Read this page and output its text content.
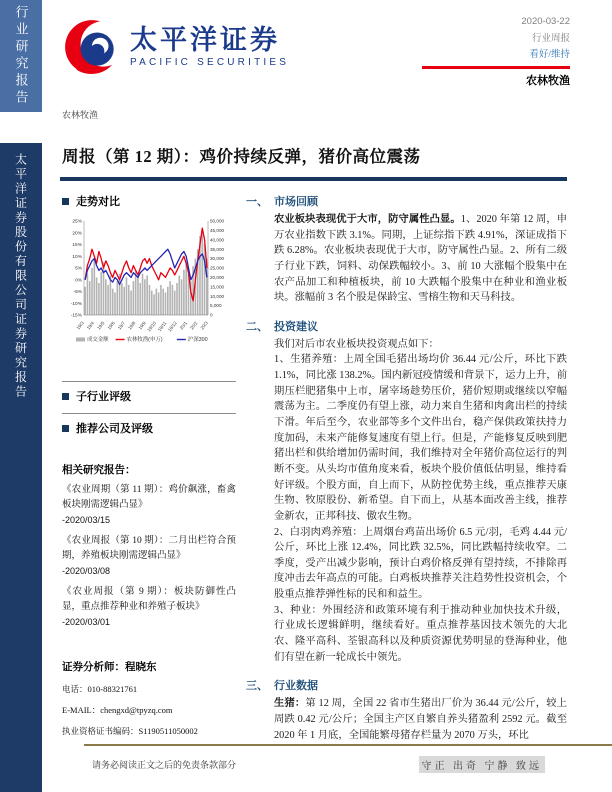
行业研究报告
太平洋证券股份有限公司证券研究报告
太平洋证券
PACIFIC SECURITIES
2020-03-22
行业周报
看好/维持
农林牧渔
农林牧渔
周报（第 12 期）：鸡价持续反弹，猪价高位震荡
走势对比
25%
20%
15%
10%
5%
0%
-5%
-10%
-15%
50,000
45,000
40,000
35,000
30,000
25,000
20,000
15,000
10,000
5,000
0
19/3 19/4 19/5 19/6 19/7 19/8 19/9 19/10 19/11 19/12 20/1 20/2 20/3
成交金额	农林牧渔(申万)	沪深300
子行业评级
推荐公司及评级
相关研究报告：
《农业周期（第 11 期）：鸡价飙涨，畜禽板块刚需逻辑凸显》
-2020/03/15
《农业周报（第 10 期）：二月出栏符合预期，养殖板块刚需逻辑凸显》
-2020/03/08
《农业周报（第 9 期）：板块防御性凸显，重点推荐种业和养殖子板块》
-2020/03/01
证券分析师：程晓东
电话：010-88321761
E-MAIL：chengxd@tpyzq.com
执业资格证书编码：S1190511050002
一、 市场回顾

农业板块表现优于大市，防守属性凸显。1、2020 年第 12 周，申万农业指数下跌 3.1%。同期，上证综指下跌 4.91%，深证成指下跌 6.28%。农业板块表现优于大市，防守属性凸显。2、所有二级子行业下跌，饲料、动保跌幅较小。3、前 10 大涨幅个股集中在农产品加工和种植板块，前 10 大跌幅个股集中在种业和渔业板块。涨幅前 3 名个股是保龄宝、雪榕生物和天马科技。

二、 投资建议

我们对后市农业板块投资观点如下：

1、生猪养殖：上周全国毛猪出场均价 36.44 元/公斤，环比下跌 1.1%，同比涨 138.2%。国内新冠疫情缓和背景下，运力上升，前期压栏肥猪集中上市，屠宰场趁势压价，猪价短期或继续以窄幅震荡为主。二季度仍有望上涨，动力来自生猪和肉禽出栏的持续下滑。年后至今，农业部等多个文件出台，稳产保供政策扶持力度加码，未来产能修复速度有望上行。但是，产能修复反映到肥猪出栏和供给增加仍需时间，我们维持对全年猪价高位运行的判断不变。从头均市值角度来看，板块个股价值低估明显，维持看好评级。个股方面，自上而下，从防控优势主线，重点推荐天康生物、牧原股份、新希望。自下而上，从基本面改善主线，推荐金新农，正邦科技、傲农生物。

2、白羽肉鸡养殖：上周烟台鸡苗出场价 6.5 元/羽，毛鸡 4.44 元/公斤，环比上涨 12.4%，同比跌 32.5%，同比跌幅持续收窄。二季度，受产出减少影响，预计白鸡价格反弹有望持续，不排除再度冲击去年高点的可能。白鸡板块推荐关注趋势性投资机会，个股重点推荐弹性标的民和和益生。

3、种业：外围经济和政策环境有利于推动种业加快技术升级，行业成长逻辑鲜明，继续看好。重点推荐基因技术领先的大北农、隆平高科、荃银高科以及种质资源优势明显的登海种业，他们有望在新一轮成长中领先。

三、 行业数据

生猪：第 12 周，全国 22 省市生猪出厂价为 36.44 元/公斤，较上周跌 0.42 元/公斤；全国主产区自繁自养头猪盈利 2592 元。截至 2020 年 1 月底，全国能繁母猪存栏量为 2070 万头，环比

请务必阅读正文之后的免责条款部分	守正 出奇 宁静 致远
